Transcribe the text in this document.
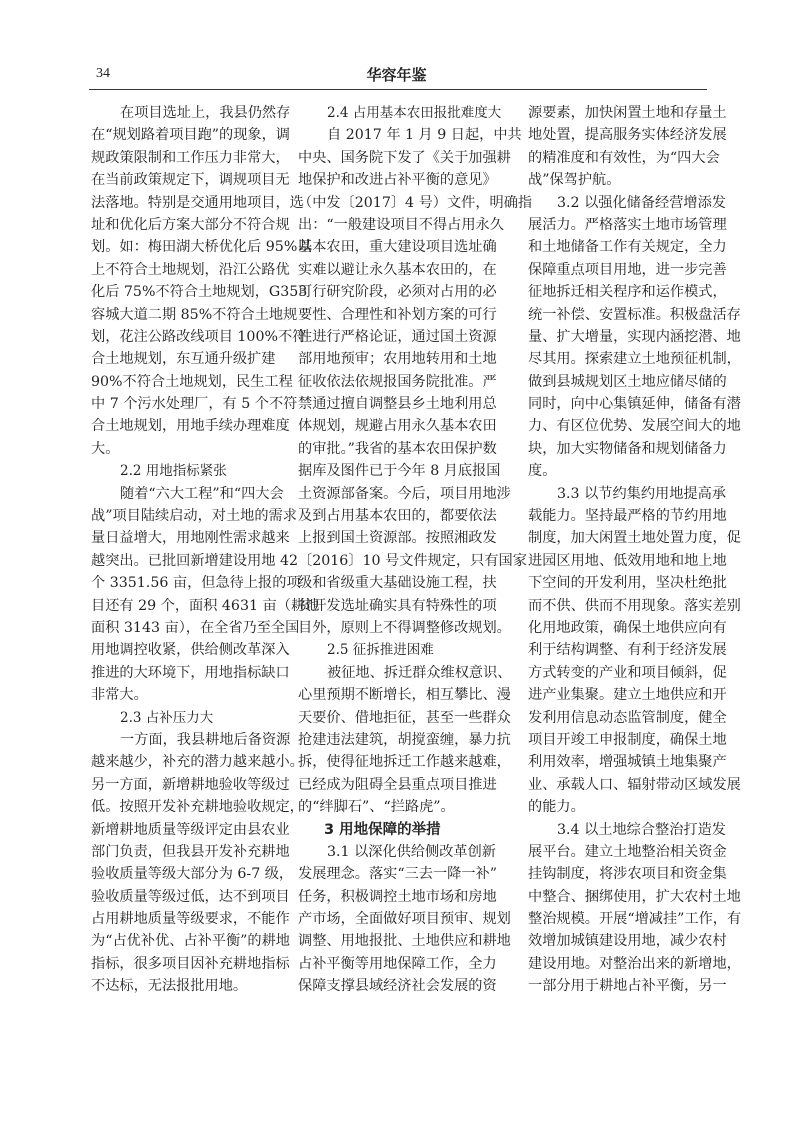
34	华容年鉴
在项目选址上，我县仍然存
在“规划路着项目跑”的现象，调
规政策限制和工作压力非常大，
在当前政策规定下，调规项目无
法落地。特别是交通用地项目，选
址和优化后方案大部分不符合规
划。如：梅田湖大桥优化后 95%以
上不符合土地规划，沿江公路优
化后 75%不符合土地规划，G353
容城大道二期 85%不符合土地规
划，花注公路改线项目 100%不符
合土地规划，东互通升级扩建
90%不符合土地规划，民生工程
中 7 个污水处理厂，有 5 个不符
合土地规划，用地手续办理难度
大。
2.2 用地指标紧张
随着“六大工程”和“四大会
战”项目陆续启动，对土地的需求
量日益增大，用地刚性需求越来
越突出。已批回新增建设用地 42
个 3351.56 亩，但急待上报的项
目还有 29 个，面积 4631 亩（耕地
面积 3143 亩），在全省乃至全国
用地调控收紧，供给侧改革深入
推进的大环境下，用地指标缺口
非常大。
2.3 占补压力大
一方面，我县耕地后备资源
越来越少，补充的潜力越来越小。
另一方面，新增耕地验收等级过
低。按照开发补充耕地验收规定，
新增耕地质量等级评定由县农业
部门负责，但我县开发补充耕地
验收质量等级大部分为 6-7 级，
验收质量等级过低，达不到项目
占用耕地质量等级要求，不能作
为“占优补优、占补平衡”的耕地
指标，很多项目因补充耕地指标
不达标，无法报批用地。
2.4 占用基本农田报批难度大
自 2017 年 1 月 9 日起，中共
中央、国务院下发了《关于加强耕
地保护和改进占补平衡的意见》
（中发〔2017〕4 号）文件，明确指
出：“一般建设项目不得占用永久
基本农田，重大建设项目选址确
实难以避让永久基本农田的，在
可行研究阶段，必须对占用的必
要性、合理性和补划方案的可行
性进行严格论证，通过国土资源
部用地预审；农用地转用和土地
征收依法依规报国务院批准。严
禁通过擅自调整县乡土地利用总
体规划，规避占用永久基本农田
的审批。”我省的基本农田保护数
据库及图件已于今年 8 月底报国
土资源部备案。今后，项目用地涉
及到占用基本农田的，都要依法
上报到国土资源部。按照湘政发
〔2016〕10 号文件规定，只有国家
级和省级重大基础设施工程，扶
贫开发选址确实具有特殊性的项
目外，原则上不得调整修改规划。
2.5 征拆推进困难
被征地、拆迁群众维权意识、
心里预期不断增长，相互攀比、漫
天要价、借地拒征，甚至一些群众
抢建违法建筑，胡搅蛮缠，暴力抗
拆，使得征地拆迁工作越来越难，
已经成为阻碍全县重点项目推进
的“绊脚石”、“拦路虎”。
3 用地保障的举措
3.1 以深化供给侧改革创新
发展理念。落实“三去一降一补”
任务，积极调控土地市场和房地
产市场，全面做好项目预审、规划
调整、用地报批、土地供应和耕地
占补平衡等用地保障工作，全力
保障支撑县域经济社会发展的资
源要素，加快闲置土地和存量土
地处置，提高服务实体经济发展
的精准度和有效性，为“四大会
战”保驾护航。
3.2 以强化储备经营增添发
展活力。严格落实土地市场管理
和土地储备工作有关规定，全力
保障重点项目用地，进一步完善
征地拆迁相关程序和运作模式，
统一补偿、安置标准。积极盘活存
量、扩大增量，实现内涵挖潜、地
尽其用。探索建立土地预征机制，
做到县城规划区土地应储尽储的
同时，向中心集镇延伸，储备有潜
力、有区位优势、发展空间大的地
块，加大实物储备和规划储备力
度。
3.3 以节约集约用地提高承
载能力。坚持最严格的节约用地
制度，加大闲置土地处置力度，促
进园区用地、低效用地和地上地
下空间的开发利用，坚决杜绝批
而不供、供而不用现象。落实差别
化用地政策，确保土地供应向有
利于结构调整、有利于经济发展
方式转变的产业和项目倾斜，促
进产业集聚。建立土地供应和开
发利用信息动态监管制度，健全
项目开竣工申报制度，确保土地
利用效率，增强城镇土地集聚产
业、承载人口、辐射带动区域发展
的能力。
3.4 以土地综合整治打造发
展平台。建立土地整治相关资金
挂钩制度，将涉农项目和资金集
中整合、捆绑使用，扩大农村土地
整治规模。开展“增减挂”工作，有
效增加城镇建设用地，减少农村
建设用地。对整治出来的新增地，
一部分用于耕地占补平衡，另一
